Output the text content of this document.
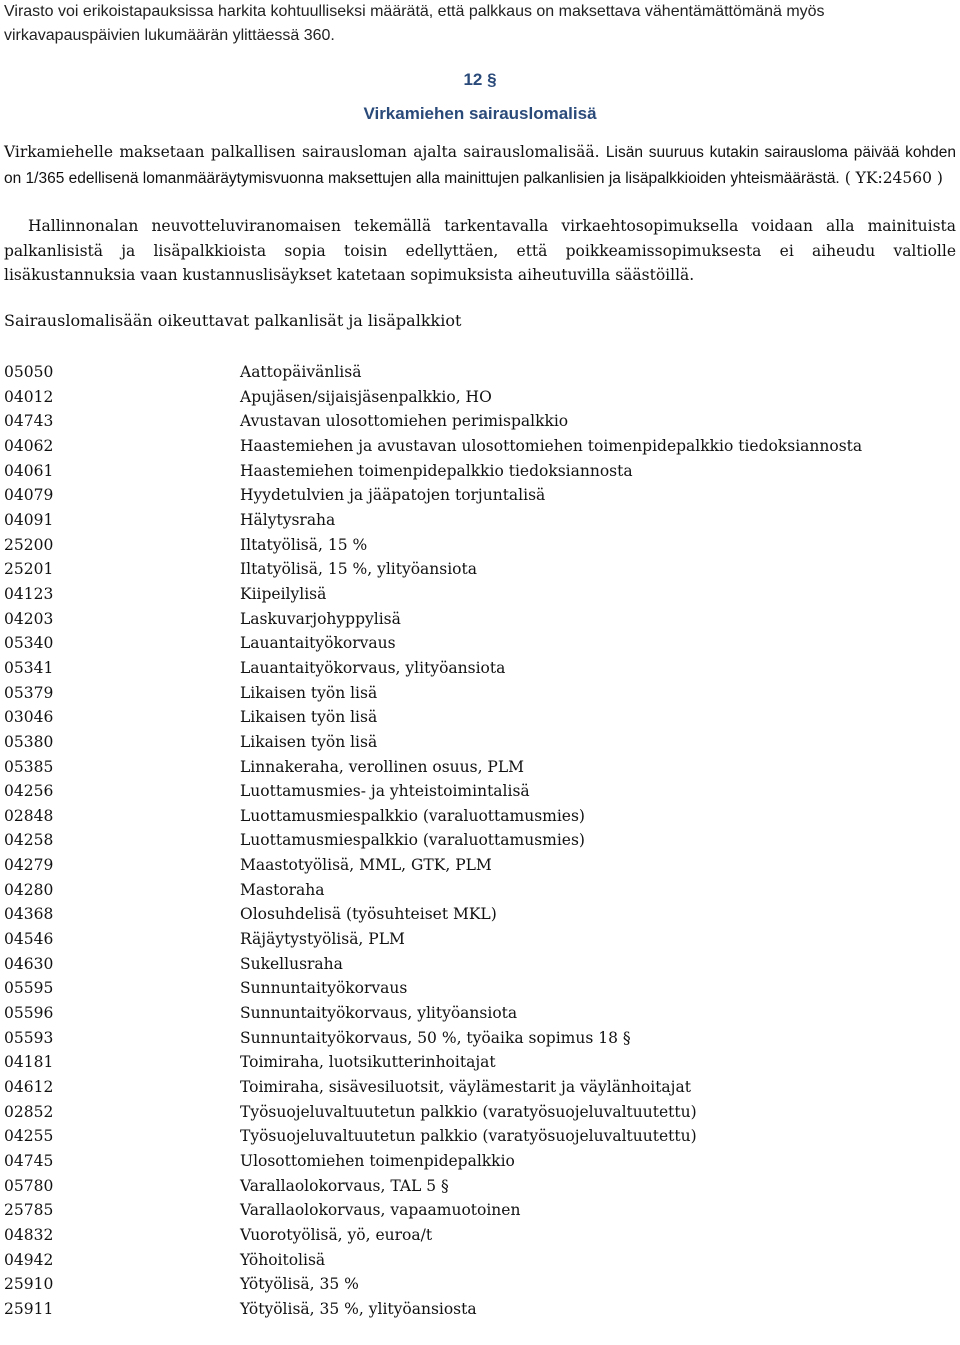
Virasto voi erikoistapauksissa harkita kohtuulliseksi määrätä, että palkkaus on maksettava vähentämättömänä myös virkavapauspäivien lukumäärän ylittäessä 360.

12 §
Virkamiehen sairauslomalisä

Virkamiehelle maksetaan palkallisen sairausloman ajalta sairauslomalisää. Lisän suuruus kutakin sairausloma päivää kohden on 1/365 edellisenä lomanmääräytymisvuonna maksettujen alla mainittujen palkanlisien ja lisäpalkkioiden yhteismäärästä. ( YK:24560 )

Hallinnonalan neuvotteluviranomaisen tekemällä tarkentavalla virkaehtosopimuksella voidaan alla mainituista palkanlisistä ja lisäpalkkioista sopia toisin edellyttäen, että poikkeamissopimuksesta ei aiheudu valtiolle lisäkustannuksia vaan kustannuslisäykset katetaan sopimuksista aiheutuvilla säästöillä.

Sairauslomalisään oikeuttavat palkanlisät ja lisäpalkkiot

05050	Aattopäivänlisä
04012	Apujäsen/sijaisjäsenpalkkio, HO
04743	Avustavan ulosottomiehen perimispalkkio
04062	Haastemiehen ja avustavan ulosottomiehen toimenpidepalkkio tiedoksiannosta
04061	Haastemiehen toimenpidepalkkio tiedoksiannosta
04079	Hyydetulvien ja jääpatojen torjuntalisä
04091	Hälytysraha
25200	Iltatyölisä, 15 %
25201	Iltatyölisä, 15 %, ylityöansiota
04123	Kiipeilylisä
04203	Laskuvarjohyppylisä
05340	Lauantaityökorvaus
05341	Lauantaityökorvaus, ylityöansiota
05379	Likaisen työn lisä
03046	Likaisen työn lisä
05380	Likaisen työn lisä
05385	Linnakeraha, verollinen osuus, PLM
04256	Luottamusmies- ja yhteistoimintalisä
02848	Luottamusmiespalkkio (varaluottamusmies)
04258	Luottamusmiespalkkio (varaluottamusmies)
04279	Maastotyölisä, MML, GTK, PLM
04280	Mastoraha
04368	Olosuhdelisä (työsuhteiset MKL)
04546	Räjäytystyölisä, PLM
04630	Sukellusraha
05595	Sunnuntaityökorvaus
05596	Sunnuntaityökorvaus, ylityöansiota
05593	Sunnuntaityökorvaus, 50 %, työaika sopimus 18 §
04181	Toimiraha, luotsikutterinhoitajat
04612	Toimiraha, sisävesiluotsit, väylämestarit ja väylänhoitajat
02852	Työsuojeluvaltuutetun palkkio (varatyösuojeluvaltuutettu)
04255	Työsuojeluvaltuutetun palkkio (varatyösuojeluvaltuutettu)
04745	Ulosottomiehen toimenpidepalkkio
05780	Varallaolokorvaus, TAL 5 §
25785	Varallaolokorvaus, vapaamuotoinen
04832	Vuorotyölisä, yö, euroa/t
04942	Yöhoitolisä
25910	Yötyölisä, 35 %
25911	Yötyölisä, 35 %, ylityöansiosta
